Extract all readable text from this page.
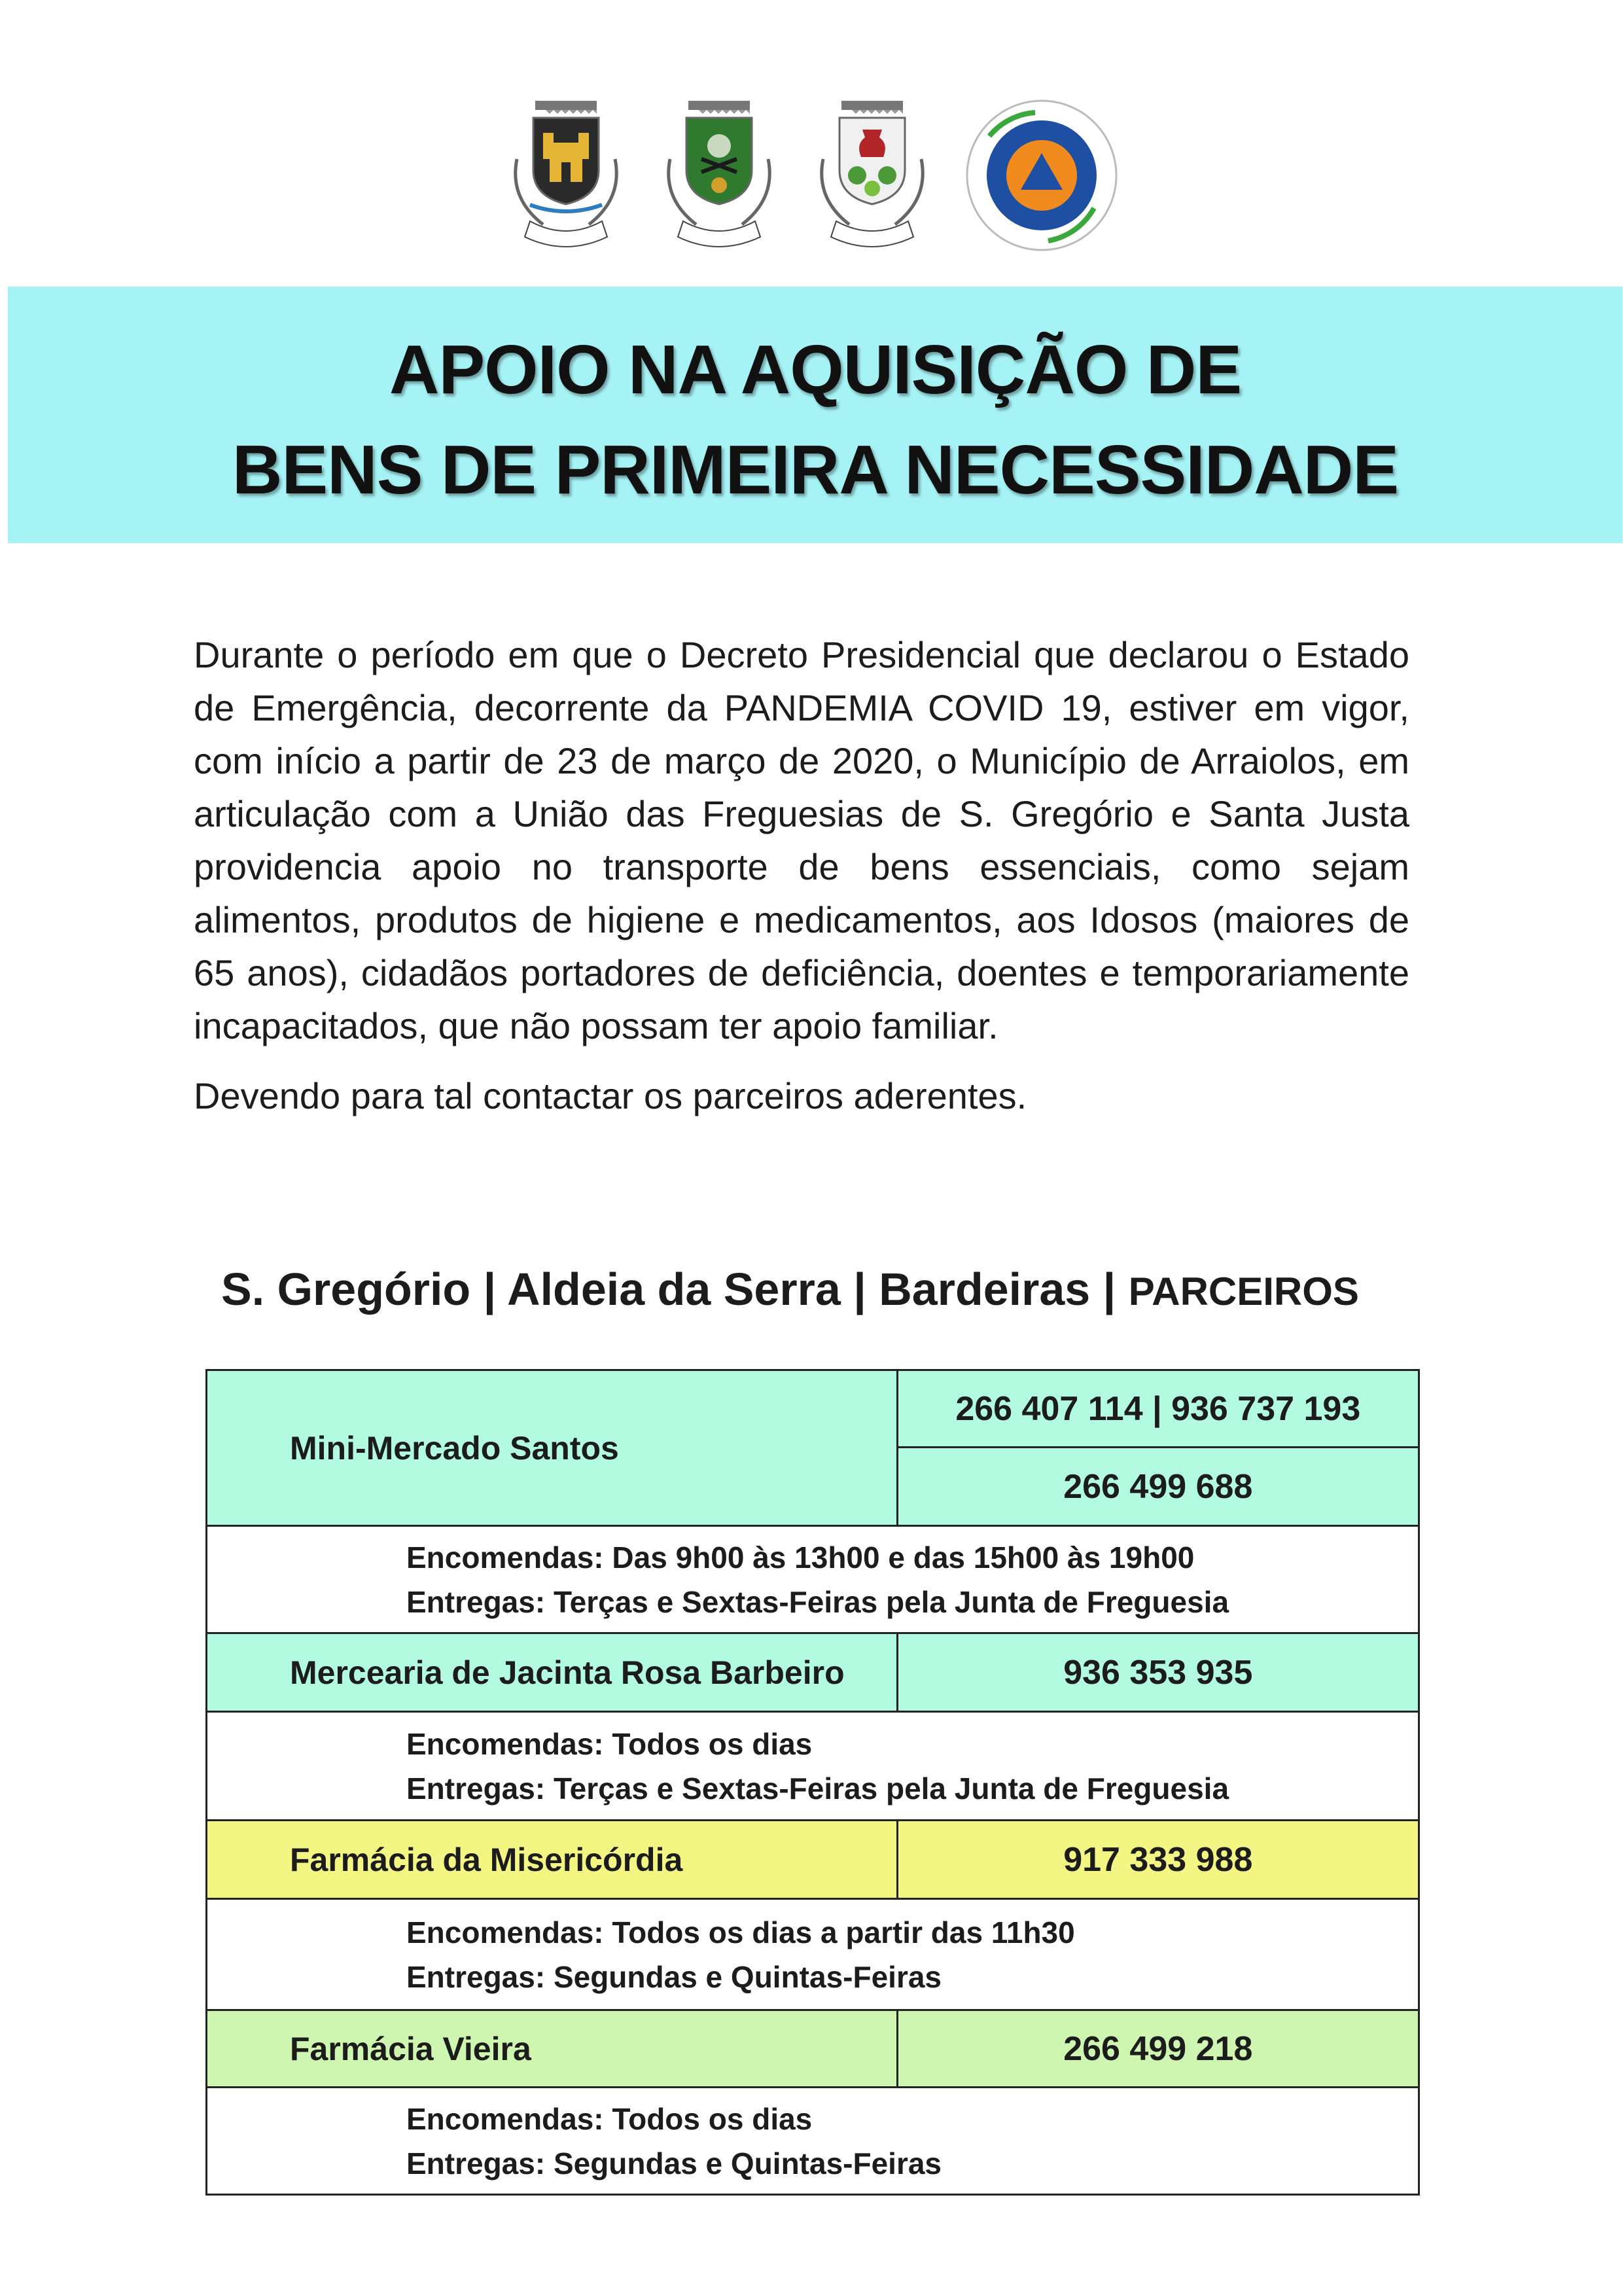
APOIO NA AQUISIÇÃO DE
BENS DE PRIMEIRA NECESSIDADE

Durante o período em que o Decreto Presidencial que declarou o Estado de Emergência, decorrente da PANDEMIA COVID 19, estiver em vigor, com início a partir de 23 de março de 2020, o Município de Arraiolos, em articulação com a União das Freguesias de S. Gregório e Santa Justa providencia apoio no transporte de bens essenciais, como sejam alimentos, produtos de higiene e medicamentos, aos Idosos (maiores de 65 anos), cidadãos portadores de deficiência, doentes e temporariamente incapacitados, que não possam ter apoio familiar.

Devendo para tal contactar os parceiros aderentes.

S. Gregório | Aldeia da Serra | Bardeiras | PARCEIROS
Mini-Mercado Santos	266 407 114 | 936 737 193
	266 499 688

Encomendas: Das 9h00 às 13h00 e das 15h00 às 19h00
Entregas: Terças e Sextas-Feiras pela Junta de Freguesia	

Mercearia de Jacinta Rosa Barbeiro	936 353 935

Encomendas: Todos os dias
Entregas: Terças e Sextas-Feiras pela Junta de Freguesia	

Farmácia da Misericórdia	917 333 988

Encomendas: Todos os dias a partir das 11h30
Entregas: Segundas e Quintas-Feiras	

Farmácia Vieira	266 499 218

Encomendas: Todos os dias
Entregas: Segundas e Quintas-Feiras	
